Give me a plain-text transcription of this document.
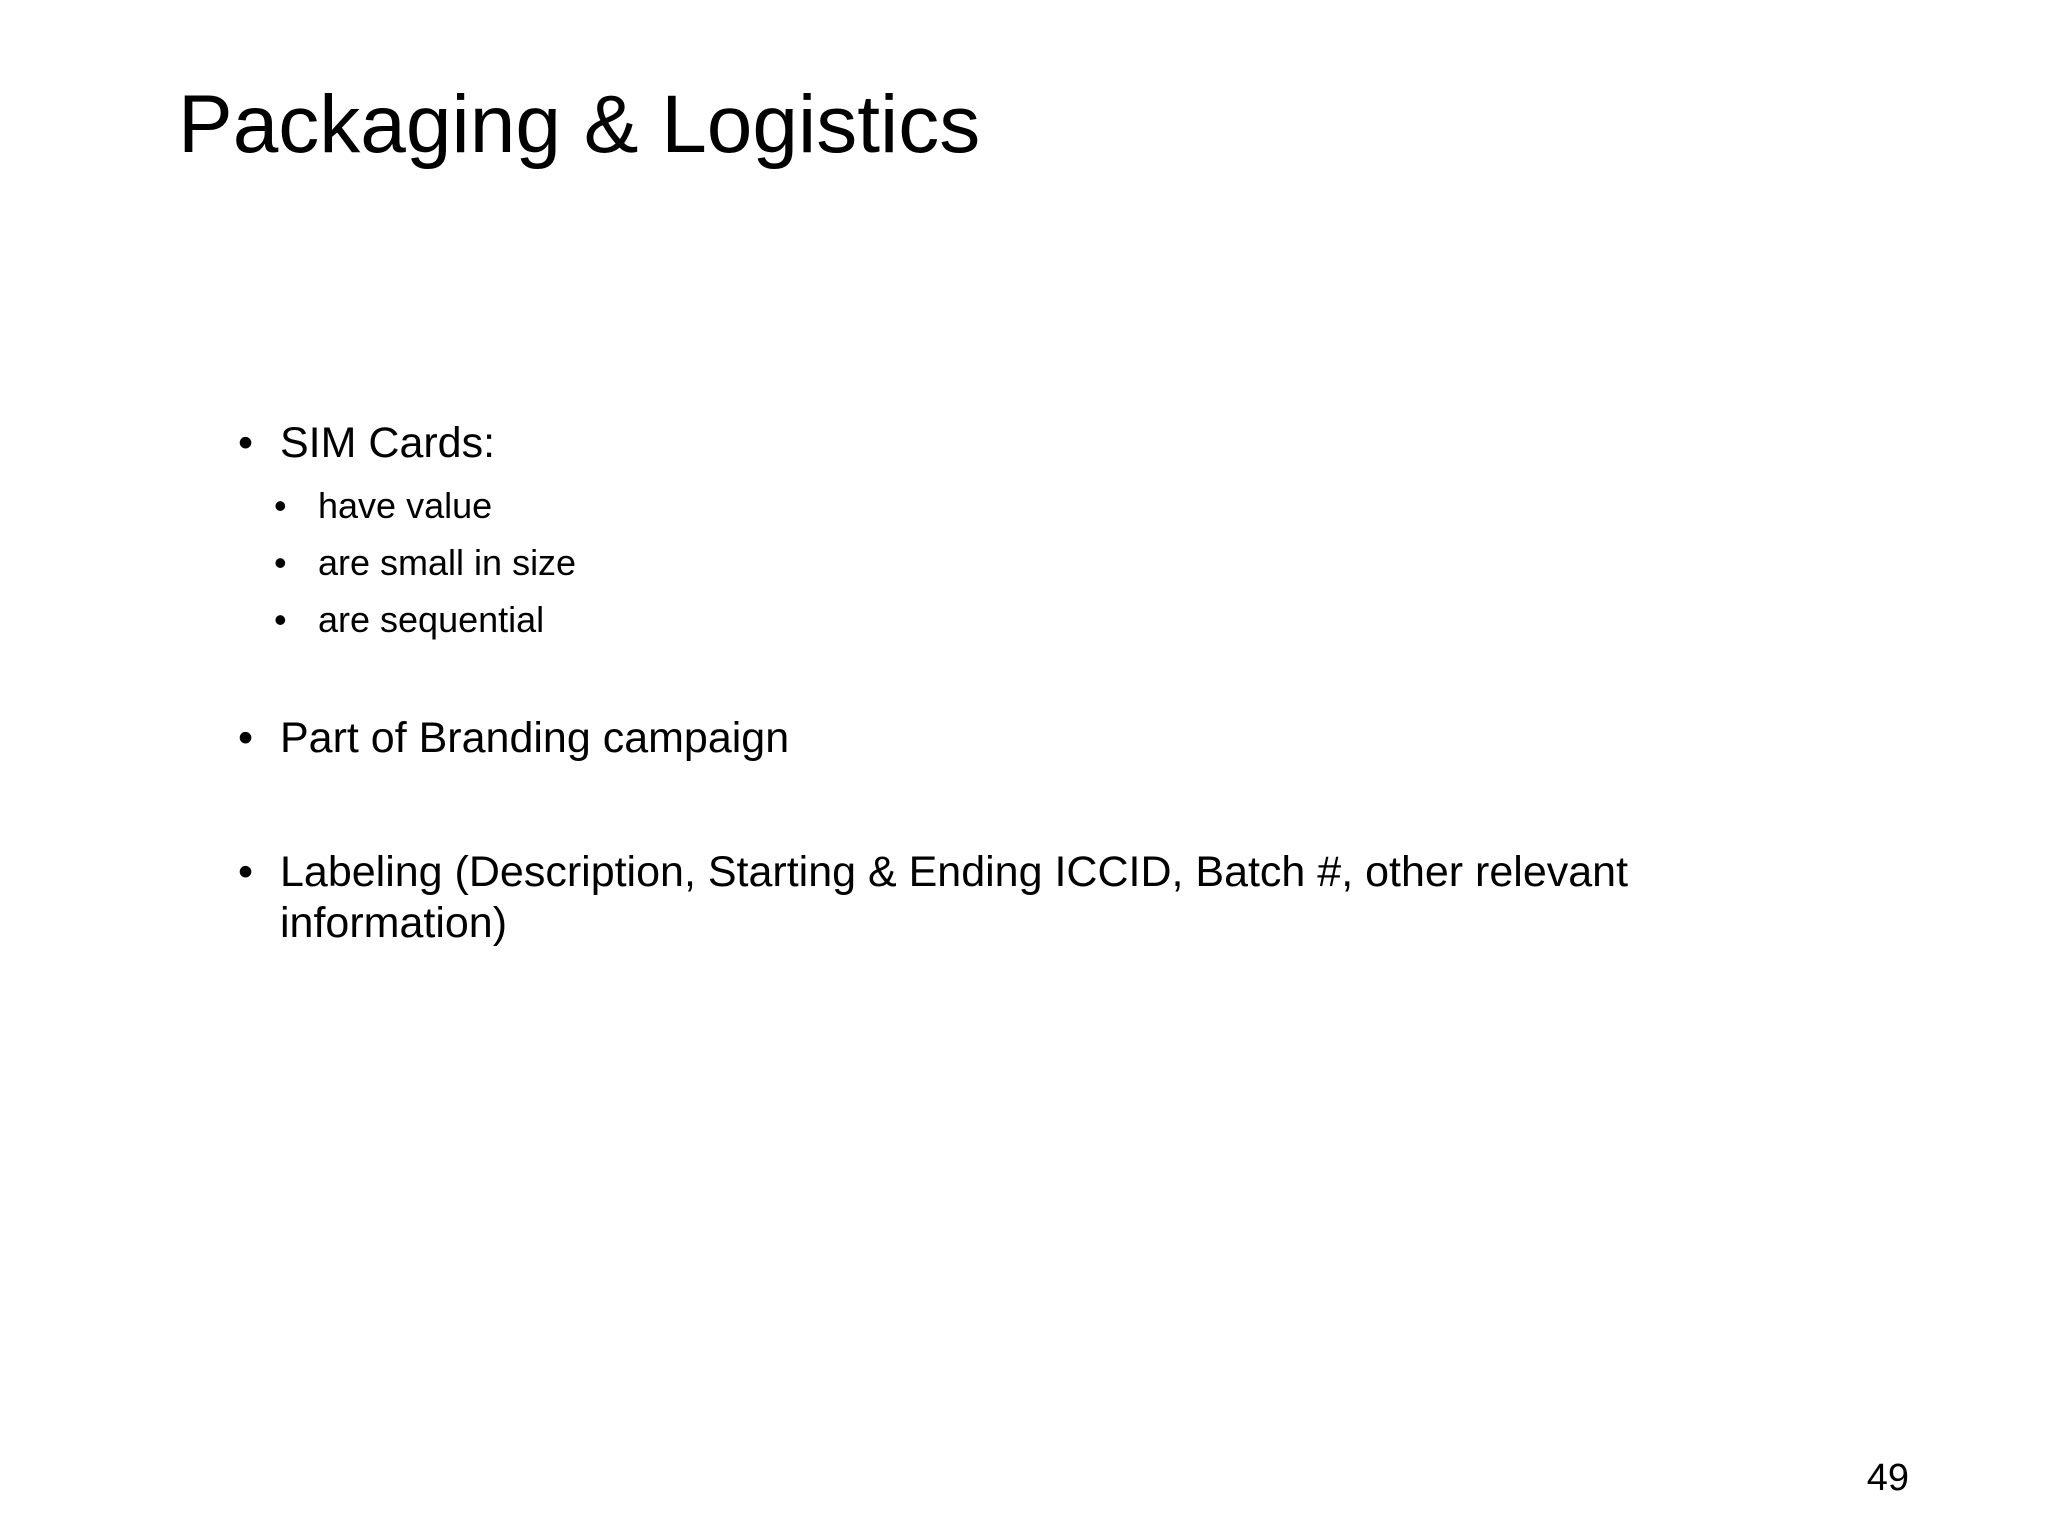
Packaging & Logistics
• SIM Cards:
• have value
• are small in size
• are sequential
• Part of Branding campaign
• Labeling (Description, Starting & Ending ICCID, Batch #, other relevant information)
49
